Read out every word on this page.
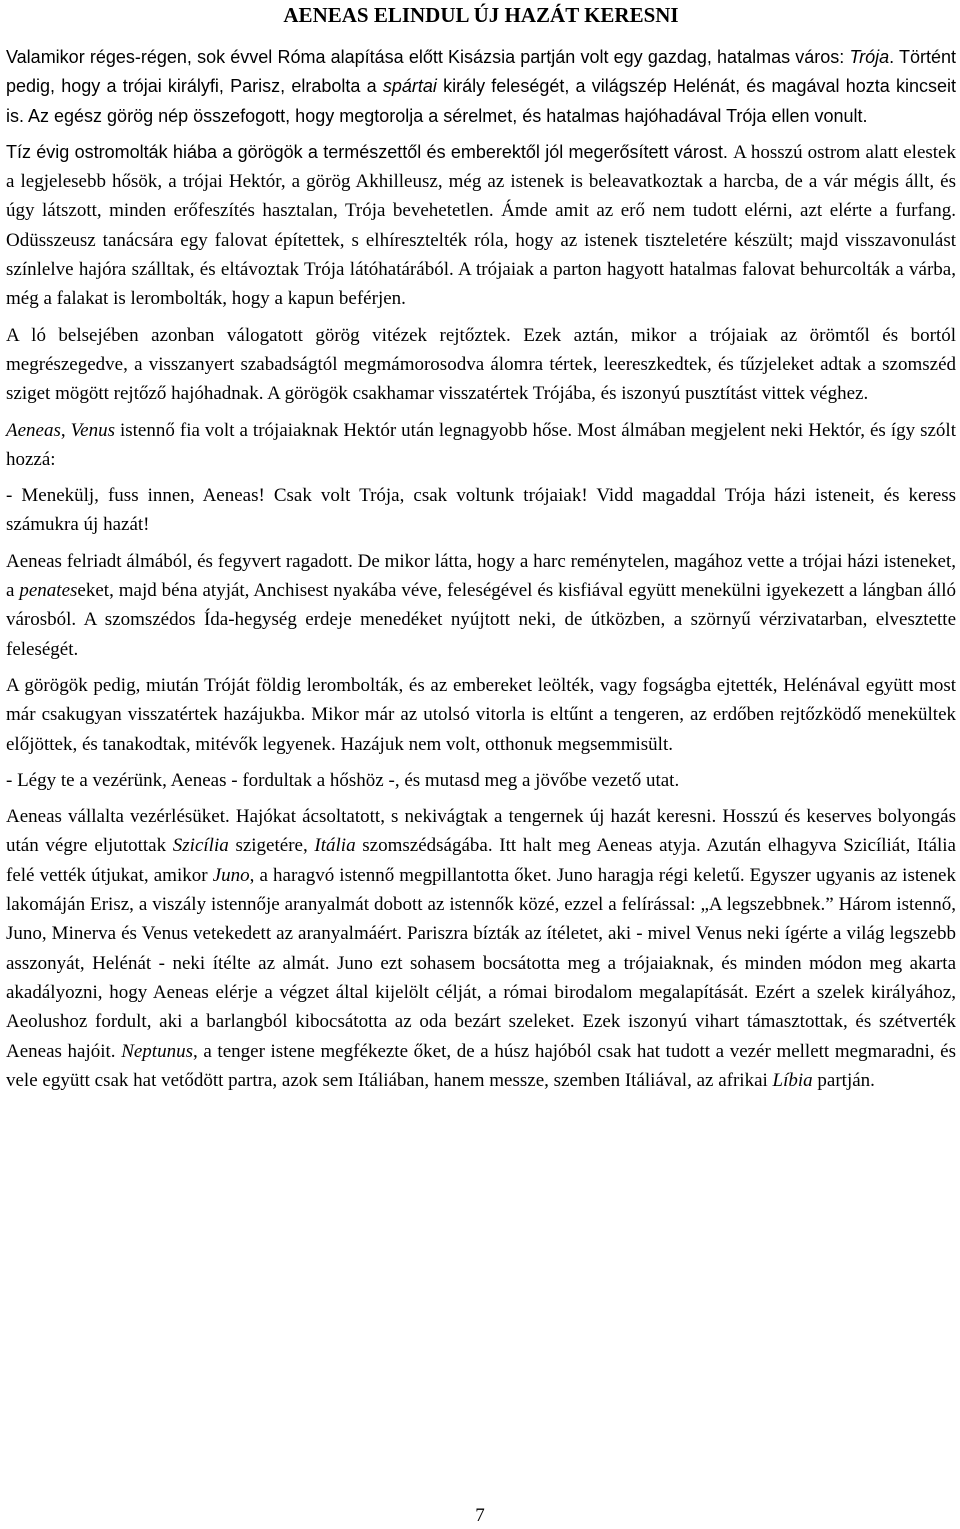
AENEAS ELINDUL ÚJ HAZÁT KERESNI

Valamikor réges-régen, sok évvel Róma alapítása előtt Kisázsia partján volt egy gazdag, hatalmas város: Trója. Történt pedig, hogy a trójai királyfi, Parisz, elrabolta a spártai király feleségét, a világszép Helénát, és magával hozta kincseit is. Az egész görög nép összefogott, hogy megtorolja a sérelmet, és hatalmas hajóhadával Trója ellen vonult.

Tíz évig ostromolták hiába a görögök a természettől és emberektől jól megerősített várost. A hosszú ostrom alatt elestek a legjelesebb hősök, a trójai Hektór, a görög Akhilleusz, még az istenek is beleavatkoztak a harcba, de a vár mégis állt, és úgy látszott, minden erőfeszítés hasztalan, Trója bevehetetlen. Ámde amit az erő nem tudott elérni, azt elérte a furfang. Odüsszeusz tanácsára egy falovat építettek, s elhíresztelték róla, hogy az istenek tiszteletére készült; majd visszavonulást színlelve hajóra szálltak, és eltávoztak Trója látóhatárából. A trójaiak a parton hagyott hatalmas falovat behurcolták a várba, még a falakat is lerombolták, hogy a kapun beférjen.

A ló belsejében azonban válogatott görög vitézek rejtőztek. Ezek aztán, mikor a trójaiak az örömtől és bortól megrészegedve, a visszanyert szabadságtól megmámorosodva álomra tértek, leereszkedtek, és tűzjeleket adtak a szomszéd sziget mögött rejtőző hajóhadnak. A görögök csakhamar visszatértek Trójába, és iszonyú pusztítást vittek véghez.

Aeneas, Venus istennő fia volt a trójaiaknak Hektór után legnagyobb hőse. Most álmában megjelent neki Hektór, és így szólt hozzá:

- Menekülj, fuss innen, Aeneas! Csak volt Trója, csak voltunk trójaiak! Vidd magaddal Trója házi isteneit, és keress számukra új hazát!

Aeneas felriadt álmából, és fegyvert ragadott. De mikor látta, hogy a harc reménytelen, magához vette a trójai házi isteneket, a penateseket, majd béna atyját, Anchisest nyakába véve, feleségével és kisfiával együtt menekülni igyekezett a lángban álló városból. A szomszédos Ída-hegység erdeje menedéket nyújtott neki, de útközben, a szörnyű vérzivatarban, elvesztette feleségét.

A görögök pedig, miután Tróját földig lerombolták, és az embereket leölték, vagy fogságba ejtették, Helénával együtt most már csakugyan visszatértek hazájukba. Mikor már az utolsó vitorla is eltűnt a tengeren, az erdőben rejtőzködő menekültek előjöttek, és tanakodtak, mitévők legyenek. Hazájuk nem volt, otthonuk megsemmisült.

- Légy te a vezérünk, Aeneas - fordultak a hőshöz -, és mutasd meg a jövőbe vezető utat.

Aeneas vállalta vezérlésüket. Hajókat ácsoltatott, s nekivágtak a tengernek új hazát keresni. Hosszú és keserves bolyongás után végre eljutottak Szicília szigetére, Itália szomszédságába. Itt halt meg Aeneas atyja. Azután elhagyva Szicíliát, Itália felé vették útjukat, amikor Juno, a haragvó istennő megpillantotta őket. Juno haragja régi keletű. Egyszer ugyanis az istenek lakomáján Erisz, a viszály istennője aranyalmát dobott az istennők közé, ezzel a felírással: „A legszebbnek.” Három istennő, Juno, Minerva és Venus vetekedett az aranyalmáért. Pariszra bízták az ítéletet, aki - mivel Venus neki ígérte a világ legszebb asszonyát, Helénát - neki ítélte az almát. Juno ezt sohasem bocsátotta meg a trójaiaknak, és minden módon meg akarta akadályozni, hogy Aeneas elérje a végzet által kijelölt célját, a római birodalom megalapítását. Ezért a szelek királyához, Aeolushoz fordult, aki a barlangból kibocsátotta az oda bezárt szeleket. Ezek iszonyú vihart támasztottak, és szétverték Aeneas hajóit. Neptunus, a tenger istene megfékezte őket, de a húsz hajóból csak hat tudott a vezér mellett megmaradni, és vele együtt csak hat vetődött partra, azok sem Itáliában, hanem messze, szemben Itáliával, az afrikai Líbia partján.

7
